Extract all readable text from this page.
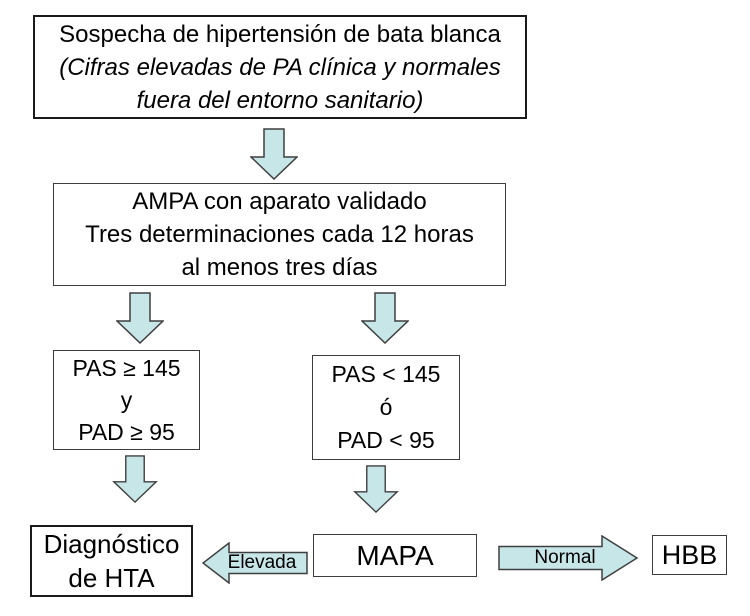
Sospecha de hipertensión de bata blanca
(Cifras elevadas de PA clínica y normales
fuera del entorno sanitario)
AMPA con aparato validado
Tres determinaciones cada 12 horas
al menos tres días
PAS ≥ 145
y
PAD ≥ 95
PAS < 145
ó
PAD < 95
Diagnóstico
de HTA
Elevada	MAPA	Normal	HBB
